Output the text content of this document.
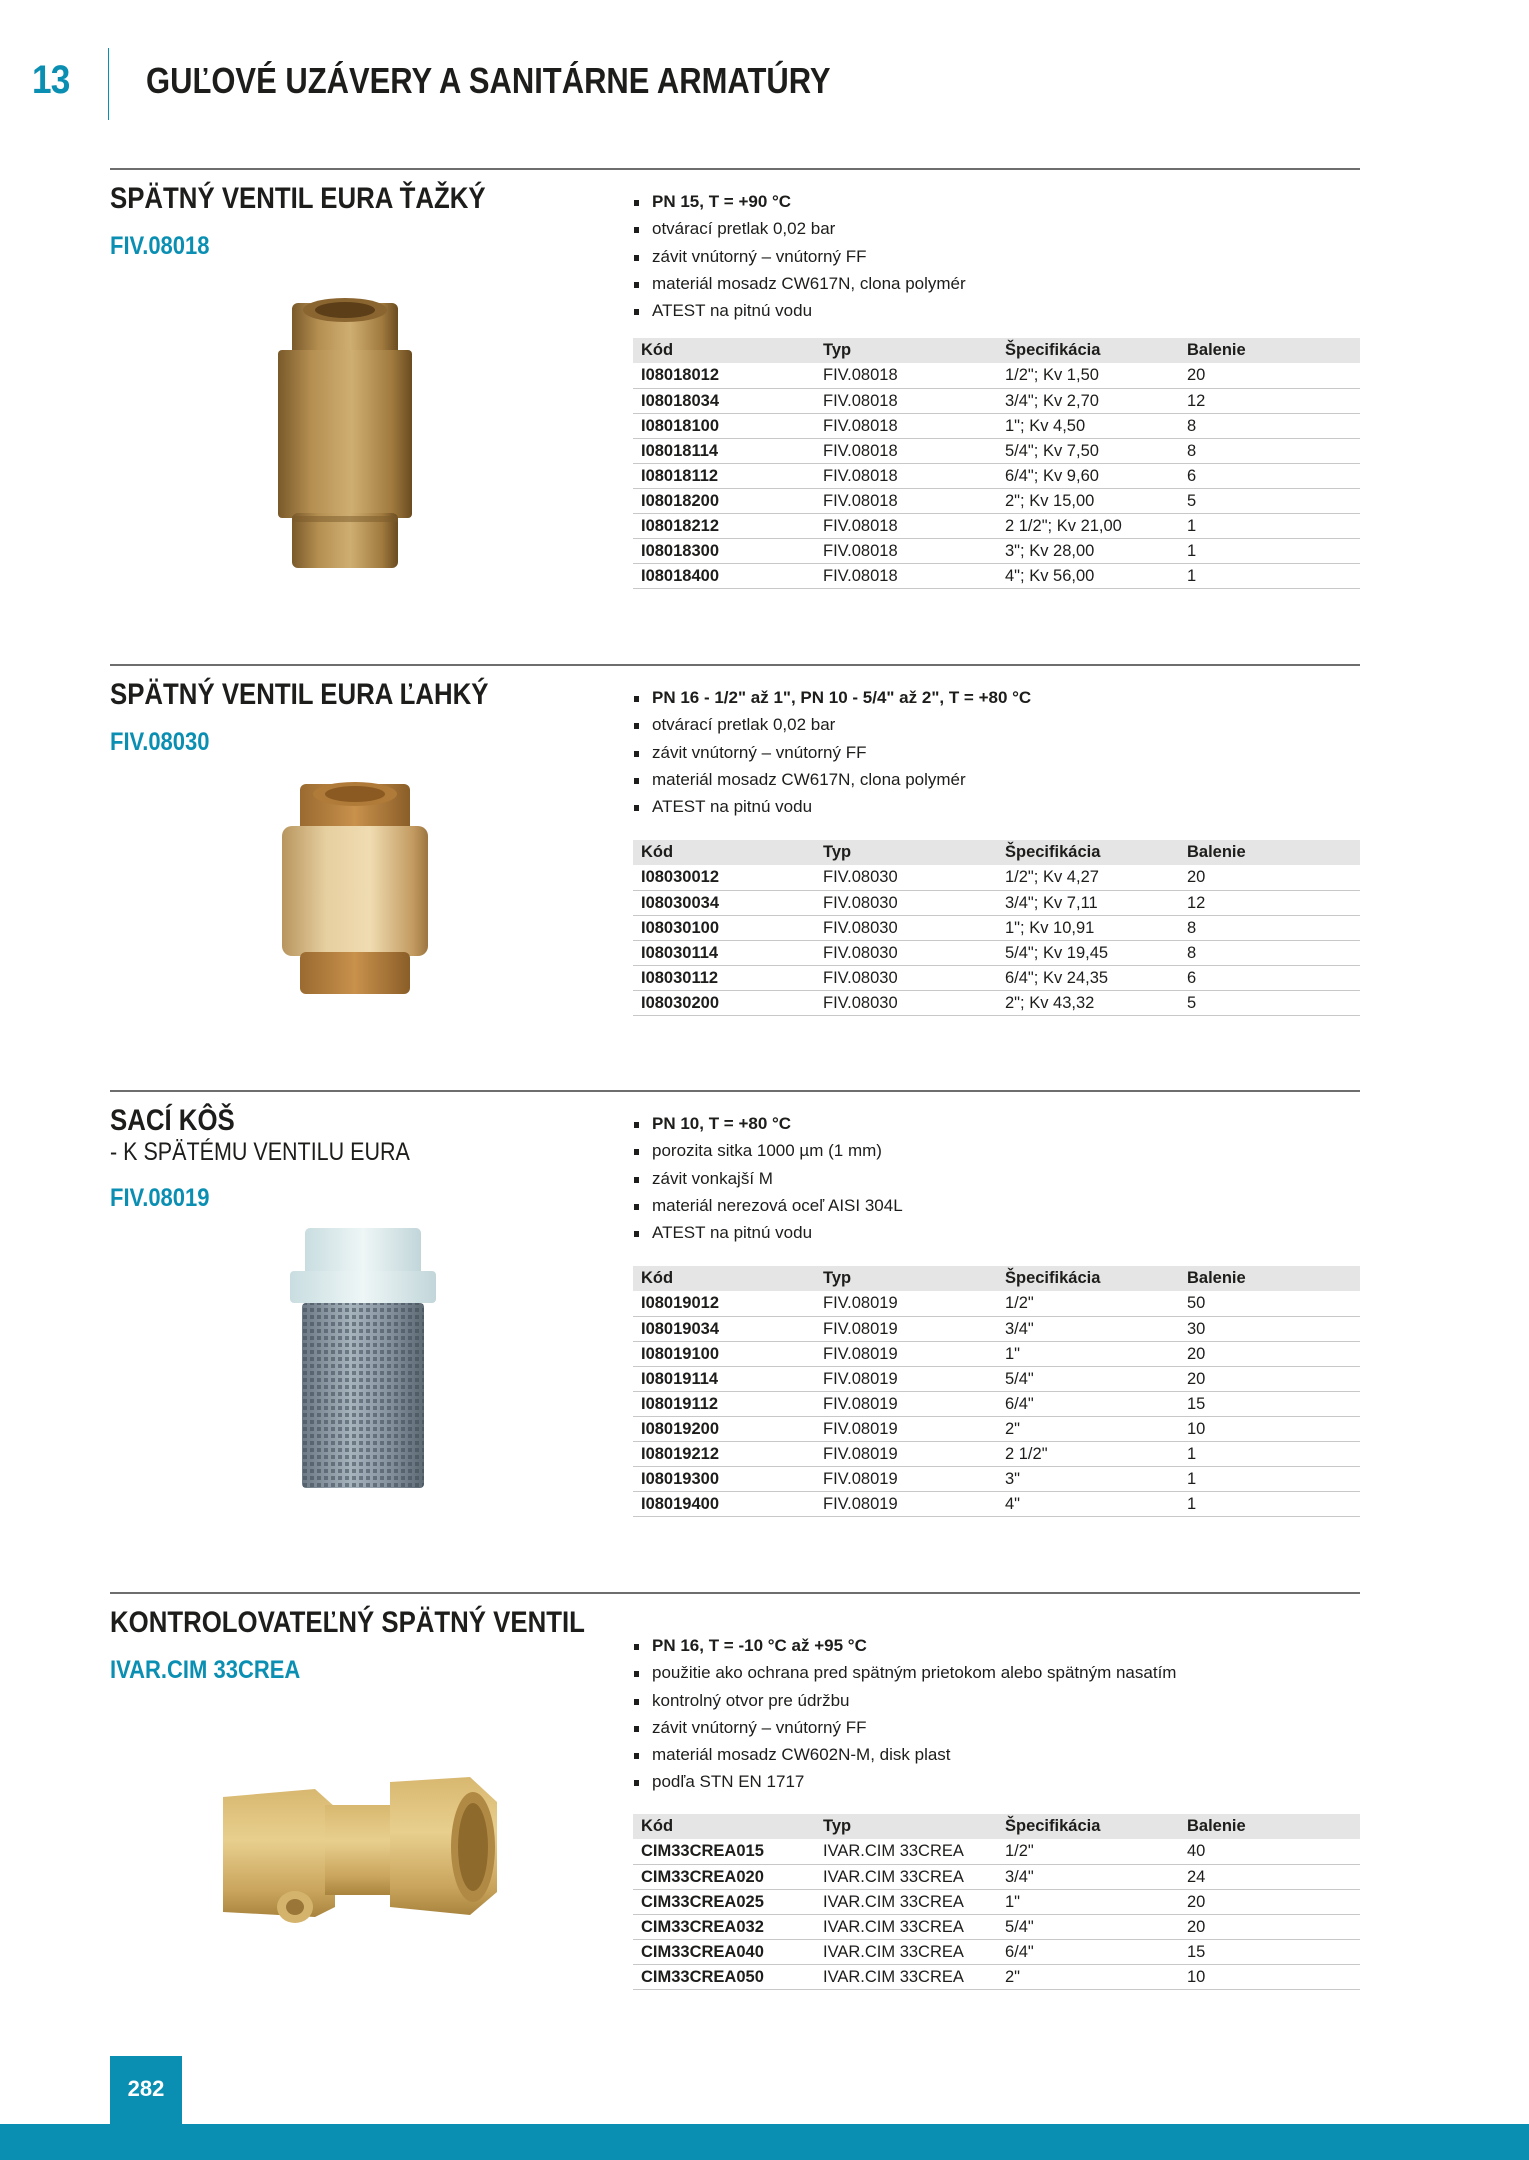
13 GUĽOVÉ UZÁVERY A SANITÁRNE ARMATÚRY
SPÄTNÝ VENTIL EURA ŤAŽKÝ
FIV.08018
PN 15, T = +90 °C
otvárací pretlak 0,02 bar
závit vnútorný – vnútorný FF
materiál mosadz CW617N, clona polymér
ATEST na pitnú vodu
Kód	Typ	Špecifikácia	Balenie
I08018012	FIV.08018	1/2"; Kv 1,50	20
I08018034	FIV.08018	3/4"; Kv 2,70	12
I08018100	FIV.08018	1"; Kv 4,50	8
I08018114	FIV.08018	5/4"; Kv 7,50	8
I08018112	FIV.08018	6/4"; Kv 9,60	6
I08018200	FIV.08018	2"; Kv 15,00	5
I08018212	FIV.08018	2 1/2"; Kv 21,00	1
I08018300	FIV.08018	3"; Kv 28,00	1
I08018400	FIV.08018	4"; Kv 56,00	1
SPÄTNÝ VENTIL EURA ĽAHKÝ
FIV.08030
PN 16 - 1/2" až 1", PN 10 - 5/4" až 2", T = +80 °C
otvárací pretlak 0,02 bar
závit vnútorný – vnútorný FF
materiál mosadz CW617N, clona polymér
ATEST na pitnú vodu
Kód	Typ	Špecifikácia	Balenie
I08030012	FIV.08030	1/2"; Kv 4,27	20
I08030034	FIV.08030	3/4"; Kv 7,11	12
I08030100	FIV.08030	1"; Kv 10,91	8
I08030114	FIV.08030	5/4"; Kv 19,45	8
I08030112	FIV.08030	6/4"; Kv 24,35	6
I08030200	FIV.08030	2"; Kv 43,32	5
SACÍ KÔŠ
- K SPÄTÉMU VENTILU EURA
FIV.08019
PN 10, T = +80 °C
porozita sitka 1000 µm (1 mm)
závit vonkajší M
materiál nerezová oceľ AISI 304L
ATEST na pitnú vodu
Kód	Typ	Špecifikácia	Balenie
I08019012	FIV.08019	1/2"	50
I08019034	FIV.08019	3/4"	30
I08019100	FIV.08019	1"	20
I08019114	FIV.08019	5/4"	20
I08019112	FIV.08019	6/4"	15
I08019200	FIV.08019	2"	10
I08019212	FIV.08019	2 1/2"	1
I08019300	FIV.08019	3"	1
I08019400	FIV.08019	4"	1
KONTROLOVATEĽNÝ SPÄTNÝ VENTIL
IVAR.CIM 33CREA
PN 16, T = -10 °C až +95 °C
použitie ako ochrana pred spätným prietokom alebo spätným nasatím
kontrolný otvor pre údržbu
závit vnútorný – vnútorný FF
materiál mosadz CW602N-M, disk plast
podľa STN EN 1717
Kód	Typ	Špecifikácia	Balenie
CIM33CREA015	IVAR.CIM 33CREA	1/2"	40
CIM33CREA020	IVAR.CIM 33CREA	3/4"	24
CIM33CREA025	IVAR.CIM 33CREA	1"	20
CIM33CREA032	IVAR.CIM 33CREA	5/4"	20
CIM33CREA040	IVAR.CIM 33CREA	6/4"	15
CIM33CREA050	IVAR.CIM 33CREA	2"	10
282
